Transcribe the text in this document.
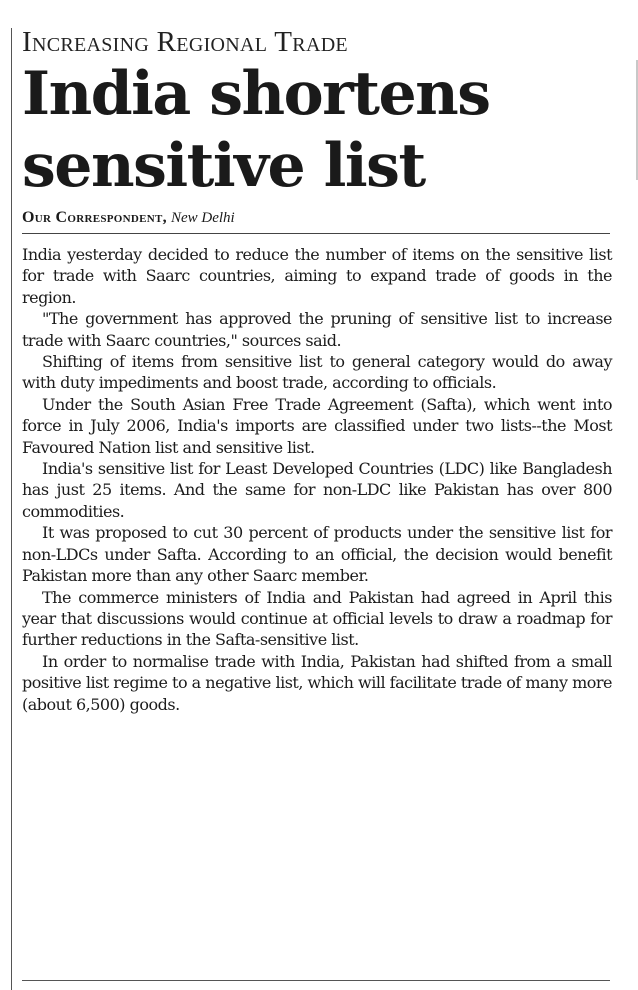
Increasing Regional Trade
India shortens sensitive list
Our Correspondent, New Delhi

India yesterday decided to reduce the number of items on the sensitive list for trade with Saarc countries, aiming to expand trade of goods in the region.

"The government has approved the pruning of sensitive list to increase trade with Saarc countries," sources said.

Shifting of items from sensitive list to general category would do away with duty impediments and boost trade, according to officials.

Under the South Asian Free Trade Agreement (Safta), which went into force in July 2006, India's imports are classified under two lists--the Most Favoured Nation list and sensitive list.

India's sensitive list for Least Developed Countries (LDC) like Bangladesh has just 25 items. And the same for non-LDC like Pakistan has over 800 commodities.

It was proposed to cut 30 percent of products under the sensitive list for non-LDCs under Safta. According to an official, the decision would benefit Pakistan more than any other Saarc member.

The commerce ministers of India and Pakistan had agreed in April this year that discussions would continue at official levels to draw a roadmap for further reductions in the Safta-sensitive list.

In order to normalise trade with India, Pakistan had shifted from a small positive list regime to a negative list, which will facilitate trade of many more (about 6,500) goods.
